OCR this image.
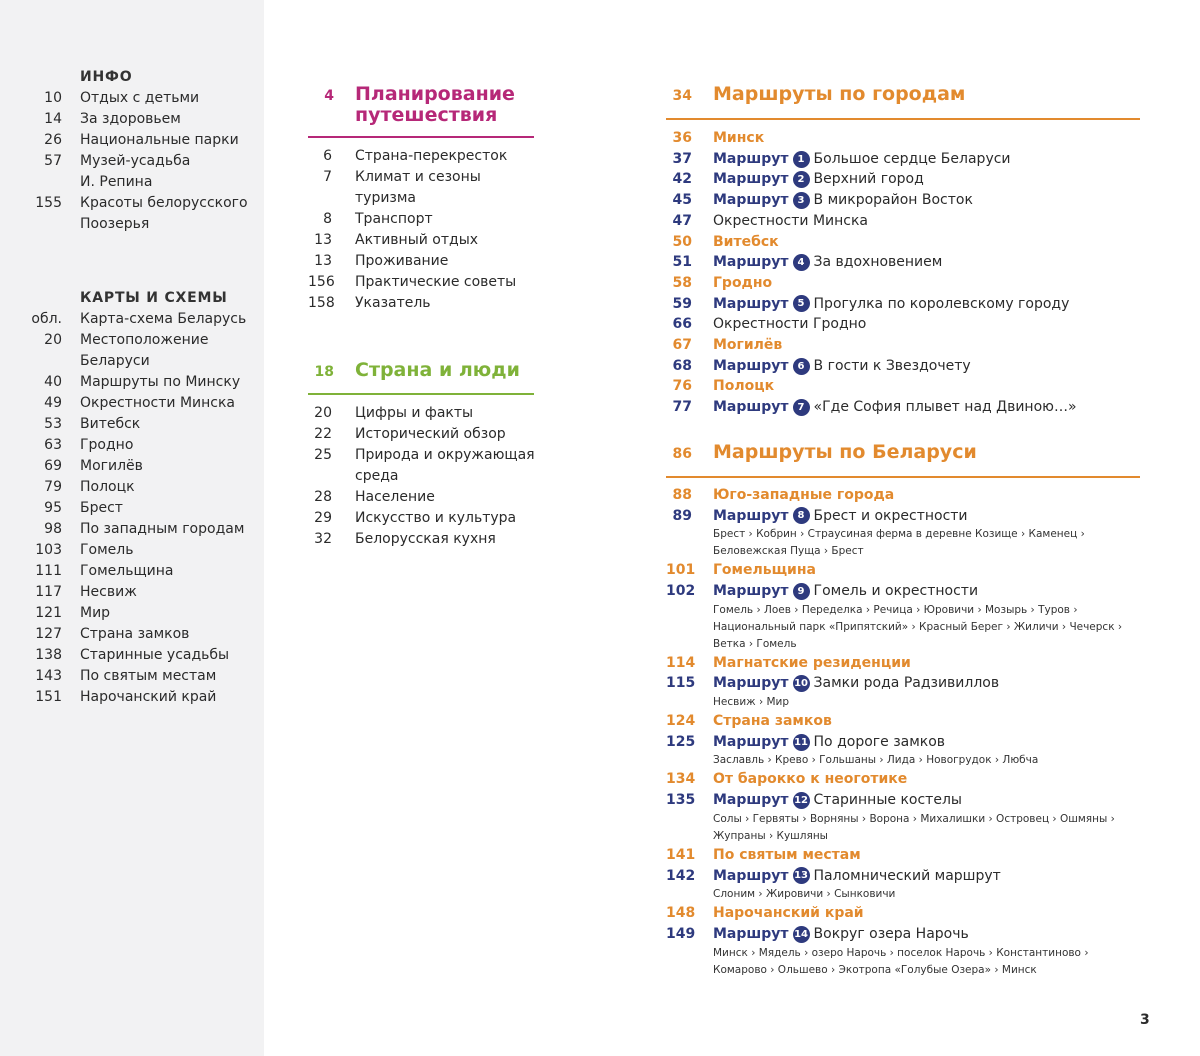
ИНФО
10 Отдых с детьми
14 За здоровьем
26 Национальные парки
57 Музей-усадьба
И. Репина
155 Красоты белорусского
Поозерья
КАРТЫ И СХЕМЫ
обл. Карта-схема Беларусь
20 Местоположение
Беларуси
40 Маршруты по Минску
49 Окрестности Минска
53 Витебск
63 Гродно
69 Могилёв
79 Полоцк
95 Брест
98 По западным городам
103 Гомель
111 Гомельщина
117 Несвиж
121 Мир
127 Страна замков
138 Старинные усадьбы
143 По святым местам
151 Нарочанский край
4 Планирование
путешествия
6 Страна-перекресток
7 Климат и сезоны туризма
8 Транспорт
13 Активный отдых
13 Проживание
156 Практические советы
158 Указатель
18 Страна и люди
20 Цифры и факты
22 Исторический обзор
25 Природа и окружающая
среда
28 Население
29 Искусство и культура
32 Белорусская кухня
34 Маршруты по городам
36 Минск
37 Маршрут 1 Большое сердце Беларуси
42 Маршрут 2 Верхний город
45 Маршрут 3 В микрорайон Восток
47 Окрестности Минска
50 Витебск
51 Маршрут 4 За вдохновением
58 Гродно
59 Маршрут 5 Прогулка по королевскому городу
66 Окрестности Гродно
67 Могилёв
68 Маршрут 6 В гости к Звездочету
76 Полоцк
77 Маршрут 7 «Где София плывет над Двиною…»
86 Маршруты по Беларуси
88 Юго-западные города
89 Маршрут 8 Брест и окрестности
Брест › Кобрин › Страусиная ферма в деревне Козище › Каменец › Беловежская Пуща › Брест
101 Гомельщина
102 Маршрут 9 Гомель и окрестности
Гомель › Лоев › Переделка › Речица › Юровичи › Мозырь › Туров › Национальный парк «Припятский» › Красный Берег › Жиличи › Чечерск › Ветка › Гомель
114 Магнатские резиденции
115 Маршрут 10 Замки рода Радзивиллов
Несвиж › Мир
124 Страна замков
125 Маршрут 11 По дороге замков
Заславль › Крево › Гольшаны › Лида › Новогрудок › Любча
134 От барокко к неоготике
135 Маршрут 12 Старинные костелы
Солы › Гервяты › Ворняны › Ворона › Михалишки › Островец › Ошмяны › Жупраны › Кушляны
141 По святым местам
142 Маршрут 13 Паломнический маршрут
Слоним › Жировичи › Сынковичи
148 Нарочанский край
149 Маршрут 14 Вокруг озера Нарочь
Минск › Мядель › озеро Нарочь › поселок Нарочь › Константиново › Комарово › Ольшево › Экотропа «Голубые Озера» › Минск
3
